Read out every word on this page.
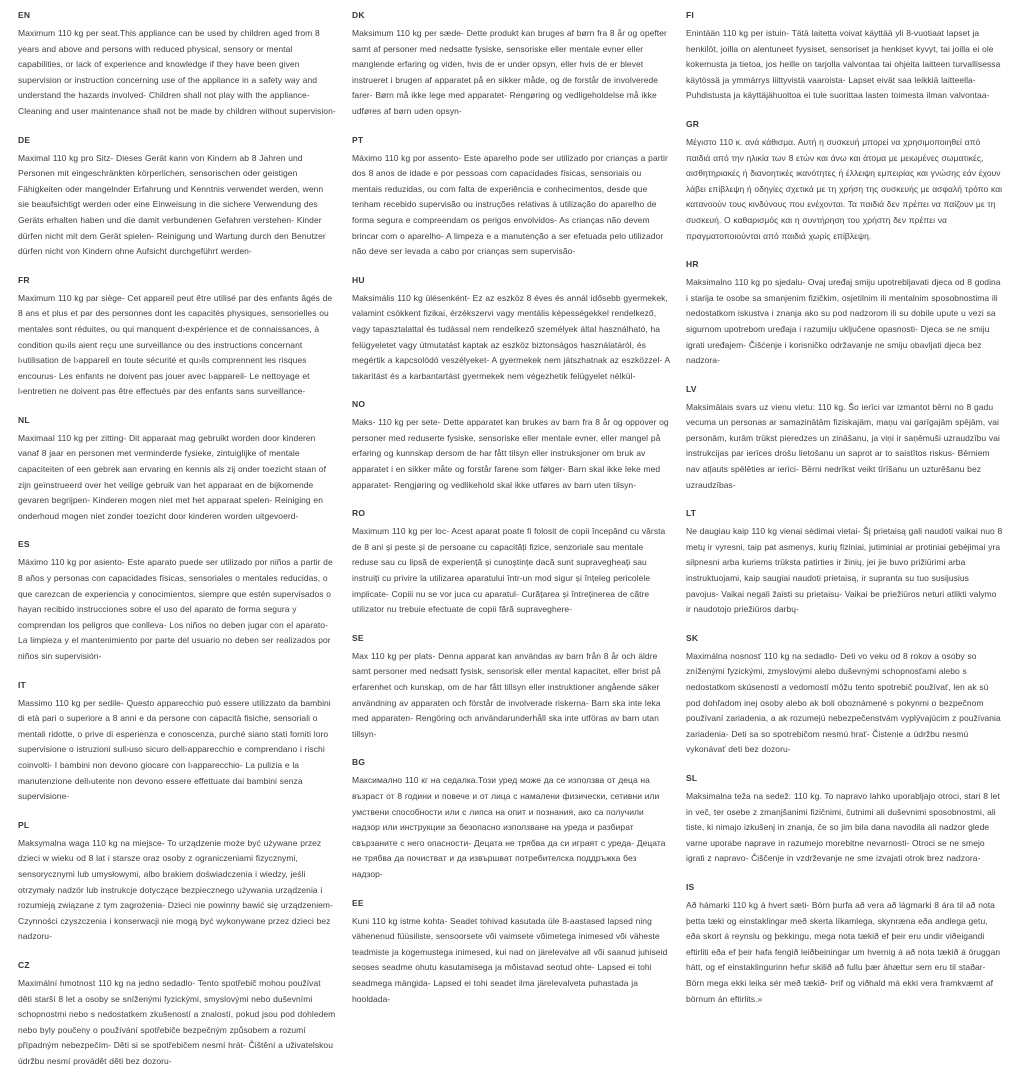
EN

Maximum 110 kg per seat.This appliance can be used by children aged from 8 years and above and persons with reduced physical, sensory or mental capabilities, or lack of experience and knowledge if they have been given supervision or instruction concerning use of the appliance in a safety way and understand the hazards involved- Children shall not play with the appliance- Cleaning and user maintenance shall not be made by children without supervision-

DE

Maximal 110 kg pro Sitz- Dieses Gerät kann von Kindern ab 8 Jahren und Personen mit eingeschränkten körperlichen, sensorischen oder geistigen Fähigkeiten oder mangelnder Erfahrung und Kenntnis verwendet werden, wenn sie beaufsichtigt werden oder eine Einweisung in die sichere Verwendung des Geräts erhalten haben und die damit verbundenen Gefahren verstehen- Kinder dürfen nicht mit dem Gerät spielen- Reinigung und Wartung durch den Benutzer dürfen nicht von Kindern ohne Aufsicht durchgeführt werden-

FR

Maximum 110 kg par siège- Cet appareil peut être utilisé par des enfants âgés de 8 ans et plus et par des personnes dont les capacités physiques, sensorielles ou mentales sont réduites, ou qui manquent d›expérience et de connaissances, à condition qu›ils aient reçu une surveillance ou des instructions concernant l›utilisation de l›appareil en toute sécurité et qu›ils comprennent les risques encourus- Les enfants ne doivent pas jouer avec l›appareil- Le nettoyage et l›entretien ne doivent pas être effectués par des enfants sans surveillance-

NL

Maximaal 110 kg per zitting- Dit apparaat mag gebruikt worden door kinderen vanaf 8 jaar en personen met verminderde fysieke, zintuiglijke of mentale capaciteiten of een gebrek aan ervaring en kennis als zij onder toezicht staan of zijn geïnstrueerd over het veilige gebruik van het apparaat en de bijkomende gevaren begrijpen- Kinderen mogen niet met het apparaat spelen- Reiniging en onderhoud mogen niet zonder toezicht door kinderen worden uitgevoerd-

ES

Máximo 110 kg por asiento- Este aparato puede ser utilizado por niños a partir de 8 años y personas con capacidades físicas, sensoriales o mentales reducidas, o que carezcan de experiencia y conocimientos, siempre que estén supervisados o hayan recibido instrucciones sobre el uso del aparato de forma segura y comprendan los peligros que conlleva- Los niños no deben jugar con el aparato- La limpieza y el mantenimiento por parte del usuario no deben ser realizados por niños sin supervisión-

IT

Massimo 110 kg per sedile- Questo apparecchio può essere utilizzato da bambini di età pari o superiore a 8 anni e da persone con capacità fisiche, sensoriali o mentali ridotte, o prive di esperienza e conoscenza, purché siano stati forniti loro supervisione o istruzioni sull›uso sicuro dell›apparecchio e comprendano i rischi coinvolti- I bambini non devono giocare con l›apparecchio- La pulizia e la manutenzione dell›utente non devono essere effettuate dai bambini senza supervisione-

PL

Maksymalna waga 110 kg na miejsce- To urządzenie może być używane przez dzieci w wieku od 8 lat i starsze oraz osoby z ograniczeniami fizycznymi, sensorycznymi lub umysłowymi, albo brakiem doświadczenia i wiedzy, jeśli otrzymały nadzór lub instrukcje dotyczące bezpiecznego używania urządzenia i rozumieją związane z tym zagrożenia- Dzieci nie powinny bawić się urządzeniem- Czynności czyszczenia i konserwacji nie mogą być wykonywane przez dzieci bez nadzoru-

CZ

Maximální hmotnost 110 kg na jedno sedadlo- Tento spotřebič mohou používat děti starší 8 let a osoby se sníženými fyzickými, smyslovými nebo duševními schopnostmi nebo s nedostatkem zkušeností a znalostí, pokud jsou pod dohledem nebo byly poučeny o používání spotřebiče bezpečným způsobem a rozumí případným nebezpečím- Děti si se spotřebičem nesmí hrát- Čištění a uživatelskou údržbu nesmí provádět děti bez dozoru-

DK

Maksimum 110 kg per sæde- Dette produkt kan bruges af børn fra 8 år og opefter samt af personer med nedsatte fysiske, sensoriske eller mentale evner eller manglende erfaring og viden, hvis de er under opsyn, eller hvis de er blevet instrueret i brugen af apparatet på en sikker måde, og de forstår de involverede farer- Børn må ikke lege med apparatet- Rengøring og vedligeholdelse må ikke udføres af børn uden opsyn-

PT

Máximo 110 kg por assento- Este aparelho pode ser utilizado por crianças a partir dos 8 anos de idade e por pessoas com capacidades físicas, sensoriais ou mentais reduzidas, ou com falta de experiência e conhecimentos, desde que tenham recebido supervisão ou instruções relativas à utilização do aparelho de forma segura e compreendam os perigos envolvidos- As crianças não devem brincar com o aparelho- A limpeza e a manutenção a ser efetuada pelo utilizador não deve ser levada a cabo por crianças sem supervisão-

HU

Maksimális 110 kg ülésenként- Ez az eszköz 8 éves és annál idősebb gyermekek, valamint csökkent fizikai, érzékszervi vagy mentális képességekkel rendelkező, vagy tapasztalattal és tudással nem rendelkező személyek által használható, ha felügyeletet vagy útmutatást kaptak az eszköz biztonságos használatáról, és megértik a kapcsolódó veszélyeket- A gyermekek nem játszhatnak az eszközzel- A takarítást és a karbantartást gyermekek nem végezhetik felügyelet nélkül-

NO

Maks- 110 kg per sete- Dette apparatet kan brukes av barn fra 8 år og oppover og personer med reduserte fysiske, sensoriske eller mentale evner, eller mangel på erfaring og kunnskap dersom de har fått tilsyn eller instruksjoner om bruk av apparatet i en sikker måte og forstår farene som følger- Barn skal ikke leke med apparatet- Rengjøring og vedlikehold skal ikke utføres av barn uten tilsyn-

RO

Maximum 110 kg per loc- Acest aparat poate fi folosit de copii începând cu vârsta de 8 ani și peste și de persoane cu capacități fizice, senzoriale sau mentale reduse sau cu lipsă de experiență și cunoștințe dacă sunt supravegheați sau instruiți cu privire la utilizarea aparatului într-un mod sigur și înțeleg pericolele implicate- Copiii nu se vor juca cu aparatul- Curățarea și întreținerea de către utilizator nu trebuie efectuate de copii fără supraveghere-

SE

Max 110 kg per plats- Denna apparat kan användas av barn från 8 år och äldre samt personer med nedsatt fysisk, sensorisk eller mental kapacitet, eller brist på erfarenhet och kunskap, om de har fått tillsyn eller instruktioner angående säker användning av apparaten och förstår de involverade riskerna- Barn ska inte leka med apparaten- Rengöring och användarunderhåll ska inte utföras av barn utan tillsyn-

BG

Максимално 110 кг на седалка.Този уред може да се използва от деца на възраст от 8 години и повече и от лица с намалени физически, сетивни или умствени способности или с липса на опит и познания, ако са получили надзор или инструкции за безопасно използване на уреда и разбират свързаните с него опасности- Децата не трябва да си играят с уреда- Децата не трябва да почистват и да извършват потребителска поддръжка без надзор-

EE

Kuni 110 kg istme kohta- Seadet tohivad kasutada üle 8-aastased lapsed ning vähenenud füüsiliste, sensoorsete või vaimsete võimetega inimesed või väheste teadmiste ja kogemustega inimesed, kui nad on järelevalve all või saanud juhiseid seoses seadme ohutu kasutamisega ja mõistavad seotud ohte- Lapsed ei tohi seadmega mängida- Lapsed ei tohi seadet ilma järelevalveta puhastada ja hooldada-

FI

Enintään 110 kg per istuin- Tätä laitetta voivat käyttää yli 8-vuotiaat lapset ja henkilöt, joilla on alentuneet fyysiset, sensoriset ja henkiset kyvyt, tai joilla ei ole kokemusta ja tietoa, jos heille on tarjolla valvontaa tai ohjeita laitteen turvallisessa käytössä ja ymmärrys liittyvistä vaaroista- Lapset eivät saa leikkiä laitteella- Puhdistusta ja käyttäjähuoltoa ei tule suorittaa lasten toimesta ilman valvontaa-

GR

Μέγιστο 110 κ. ανά κάθισμα. Αυτή η συσκευή μπορεί να χρησιμοποιηθεί από παιδιά από την ηλικία των 8 ετών και άνω και άτομα με μειωμένες σωματικές, αισθητηριακές ή διανοητικές ικανότητες ή έλλειψη εμπειρίας και γνώσης εάν έχουν λάβει επίβλεψη ή οδηγίες σχετικά με τη χρήση της συσκευής με ασφαλή τρόπο και κατανοούν τους κινδύνους που ενέχονται. Τα παιδιά δεν πρέπει να παίζουν με τη συσκευή. Ο καθαρισμός και η συντήρηση του χρήστη δεν πρέπει να πραγματοποιούνται από παιδιά χωρίς επίβλεψη.

HR

Maksimalno 110 kg po sjedalu- Ovaj uređaj smiju upotrebljavati djeca od 8 godina i starija te osobe sa smanjenim fizičkim, osjetilnim ili mentalnim sposobnostima ili nedostatkom iskustva i znanja ako su pod nadzorom ili su dobile upute u vezi sa sigurnom upotrebom uređaja i razumiju uključene opasnosti- Djeca se ne smiju igrati uređajem- Čišćenje i korisničko održavanje ne smiju obavljati djeca bez nadzora-

LV

Maksimālais svars uz vienu vietu: 110 kg. Šo ierīci var izmantot bērni no 8 gadu vecuma un personas ar samazinātām fiziskajām, maņu vai garīgajām spējām, vai personām, kurām trūkst pieredzes un zināšanu, ja viņi ir saņēmuši uzraudzību vai instrukcijas par ierīces drošu lietošanu un saprot ar to saistītos riskus- Bērniem nav atļauts spēlēties ar ierīci- Bērni nedrīkst veikt tīrīšanu un uzturēšanu bez uzraudzības-

LT

Ne daugiau kaip 110 kg vienai sėdimai vietai- Šį prietaisą gali naudoti vaikai nuo 8 metų ir vyresni, taip pat asmenys, kurių fiziniai, jutiminiai ar protiniai gebėjimai yra silpnesni arba kuriems trūksta patirties ir žinių, jei jie buvo prižiūrimi arba instruktuojami, kaip saugiai naudoti prietaisą, ir supranta su tuo susijusius pavojus- Vaikai negali žaisti su prietaisu- Vaikai be priežiūros neturi atlikti valymo ir naudotojo priežiūros darbų-

SK

Maximálna nosnosť 110 kg na sedadlo- Deti vo veku od 8 rokov a osoby so zníženými fyzickými, zmyslovými alebo duševnými schopnosťami alebo s nedostatkom skúseností a vedomostí môžu tento spotrebič používať, len ak sú pod dohľadom inej osoby alebo ak boli oboznámené s pokynmi o bezpečnom používaní zariadenia, a ak rozumejú nebezpečenstvám vyplývajúcim z používania zariadenia- Deti sa so spotrebičom nesmú hrať- Čistenie a údržbu nesmú vykonávať deti bez dozoru-

SL

Maksimalna teža na sedež: 110 kg. To napravo lahko uporabljajo otroci, stari 8 let in več, ter osebe z zmanjšanimi fizičnimi, čutnimi ali duševnimi sposobnostmi, ali tiste, ki nimajo izkušenj in znanja, če so jim bila dana navodila ali nadzor glede varne uporabe naprave in razumejo morebitne nevarnosti- Otroci se ne smejo igrati z napravo- Čiščenje in vzdrževanje ne sme izvajati otrok brez nadzora-

IS

Að hámarki 110 kg á hvert sæti- Börn þurfa að vera að lágmarki 8 ára til að nota þetta tæki og einstaklingar með skerta líkamlega, skynræna eða andlega getu, eða skort á reynslu og þekkingu, mega nota tækið ef þeir eru undir viðeigandi eftirliti eða ef þeir hafa fengið leiðbeiningar um hvernig á að nota tækið á öruggan hátt, og ef einstaklingurinn hefur skilið að fullu þær áhættur sem eru til staðar- Börn mega ekki leika sér með tækið- Þrif og viðhald má ekki vera framkvæmt af börnum án eftirlits.»
